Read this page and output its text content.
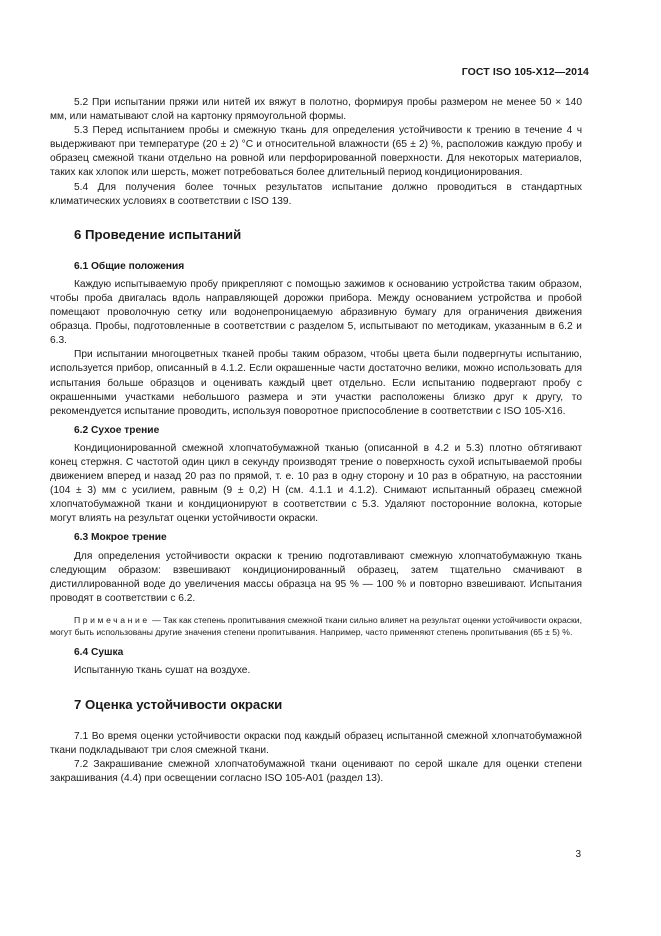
ГОСТ ISO 105-X12—2014

5.2 При испытании пряжи или нитей их вяжут в полотно, формируя пробы размером не менее 50 × 140 мм, или наматывают слой на картонку прямоугольной формы.

5.3 Перед испытанием пробы и смежную ткань для определения устойчивости к трению в течение 4 ч выдерживают при температуре (20 ± 2) °C и относительной влажности (65 ± 2) %, расположив каждую пробу и образец смежной ткани отдельно на ровной или перфорированной поверхности. Для некоторых материалов, таких как хлопок или шерсть, может потребоваться более длительный период кондиционирования.

5.4 Для получения более точных результатов испытание должно проводиться в стандартных климатических условиях в соответствии с ISO 139.

6 Проведение испытаний
6.1 Общие положения

Каждую испытываемую пробу прикрепляют с помощью зажимов к основанию устройства таким образом, чтобы проба двигалась вдоль направляющей дорожки прибора. Между основанием устройства и пробой помещают проволочную сетку или водонепроницаемую абразивную бумагу для ограничения движения образца. Пробы, подготовленные в соответствии с разделом 5, испытывают по методикам, указанным в 6.2 и 6.3.

При испытании многоцветных тканей пробы таким образом, чтобы цвета были подвергнуты испытанию, используется прибор, описанный в 4.1.2. Если окрашенные части достаточно велики, можно использовать для испытания больше образцов и оценивать каждый цвет отдельно. Если испытанию подвергают пробу с окрашенными участками небольшого размера и эти участки расположены близко друг к другу, то рекомендуется испытание проводить, используя поворотное приспособление в соответствии с ISO 105-X16.

6.2 Сухое трение

Кондиционированной смежной хлопчатобумажной тканью (описанной в 4.2 и 5.3) плотно обтягивают конец стержня. С частотой один цикл в секунду производят трение о поверхность сухой испытываемой пробы движением вперед и назад 20 раз по прямой, т. е. 10 раз в одну сторону и 10 раз в обратную, на расстоянии (104 ± 3) мм с усилием, равным (9 ± 0,2) Н (см. 4.1.1 и 4.1.2). Снимают испытанный образец смежной хлопчатобумажной ткани и кондиционируют в соответствии с 5.3. Удаляют посторонние волокна, которые могут влиять на результат оценки устойчивости окраски.

6.3 Мокрое трение

Для определения устойчивости окраски к трению подготавливают смежную хлопчатобумажную ткань следующим образом: взвешивают кондиционированный образец, затем тщательно смачивают в дистиллированной воде до увеличения массы образца на 95 % — 100 % и повторно взвешивают. Испытания проводят в соответствии с 6.2.

Примечание — Так как степень пропитывания смежной ткани сильно влияет на результат оценки устойчивости окраски, могут быть использованы другие значения степени пропитывания. Например, часто применяют степень пропитывания (65 ± 5) %.
6.4 Сушка

Испытанную ткань сушат на воздухе.

7 Оценка устойчивости окраски

7.1 Во время оценки устойчивости окраски под каждый образец испытанной смежной хлопчатобумажной ткани подкладывают три слоя смежной ткани.

7.2 Закрашивание смежной хлопчатобумажной ткани оценивают по серой шкале для оценки степени закрашивания (4.4) при освещении согласно ISO 105-A01 (раздел 13).

3
